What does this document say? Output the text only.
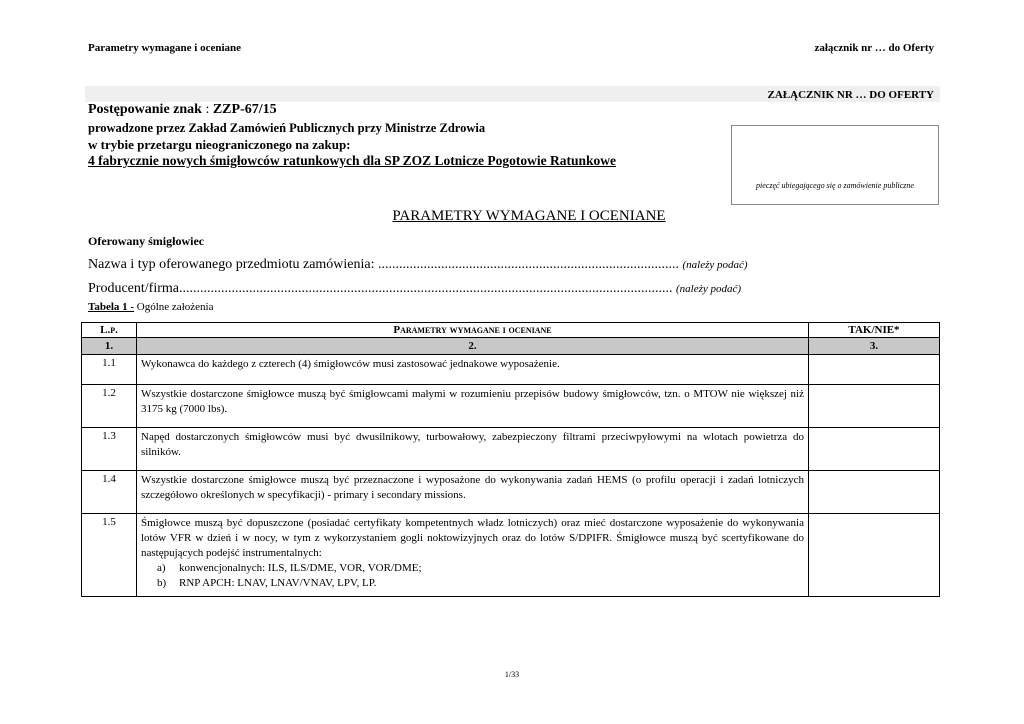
Parametry wymagane i oceniane	załącznik nr … do Oferty
ZAŁĄCZNIK NR … DO OFERTY
Postępowanie znak : ZZP-67/15
prowadzone przez Zakład Zamówień Publicznych przy Ministrze Zdrowia
w trybie przetargu nieograniczonego na zakup:
4 fabrycznie nowych śmigłowców ratunkowych dla SP ZOZ Lotnicze Pogotowie Ratunkowe
pieczęć ubiegającego się o zamówienie publiczne
PARAMETRY WYMAGANE I OCENIANE
Oferowany śmigłowiec
Nazwa i typ oferowanego przedmiotu zamówienia: ...................................................................................... (należy podać)
Producent/firma............................................................................................................................................. (należy podać)
Tabela 1 - Ogólne założenia
L.p.	Parametry wymagane i oceniane	TAK/NIE*
1.	2.	3.
1.1	Wykonawca do każdego z czterech (4) śmigłowców musi zastosować jednakowe wyposażenie.	
1.2	Wszystkie dostarczone śmigłowce muszą być śmigłowcami małymi w rozumieniu przepisów budowy śmigłowców, tzn. o MTOW nie większej niż 3175 kg (7000 lbs).	
1.3	Napęd dostarczonych śmigłowców musi być dwusilnikowy, turbowałowy, zabezpieczony filtrami przeciwpyłowymi na wlotach powietrza do silników.	
1.4	Wszystkie dostarczone śmigłowce muszą być przeznaczone i wyposażone do wykonywania zadań HEMS (o profilu operacji i zadań lotniczych szczegółowo określonych w specyfikacji) - primary i secondary missions.	
1.5	Śmigłowce muszą być dopuszczone (posiadać certyfikaty kompetentnych władz lotniczych) oraz mieć dostarczone wyposażenie do wykonywania lotów VFR w dzień i w nocy, w tym z wykorzystaniem gogli noktowizyjnych oraz do lotów S/DPIFR. Śmigłowce muszą być scertyfikowane do następujących podejść instrumentalnych:
a) konwencjonalnych: ILS, ILS/DME, VOR, VOR/DME;
b) RNP APCH: LNAV, LNAV/VNAV, LPV, LP.	

1/33
